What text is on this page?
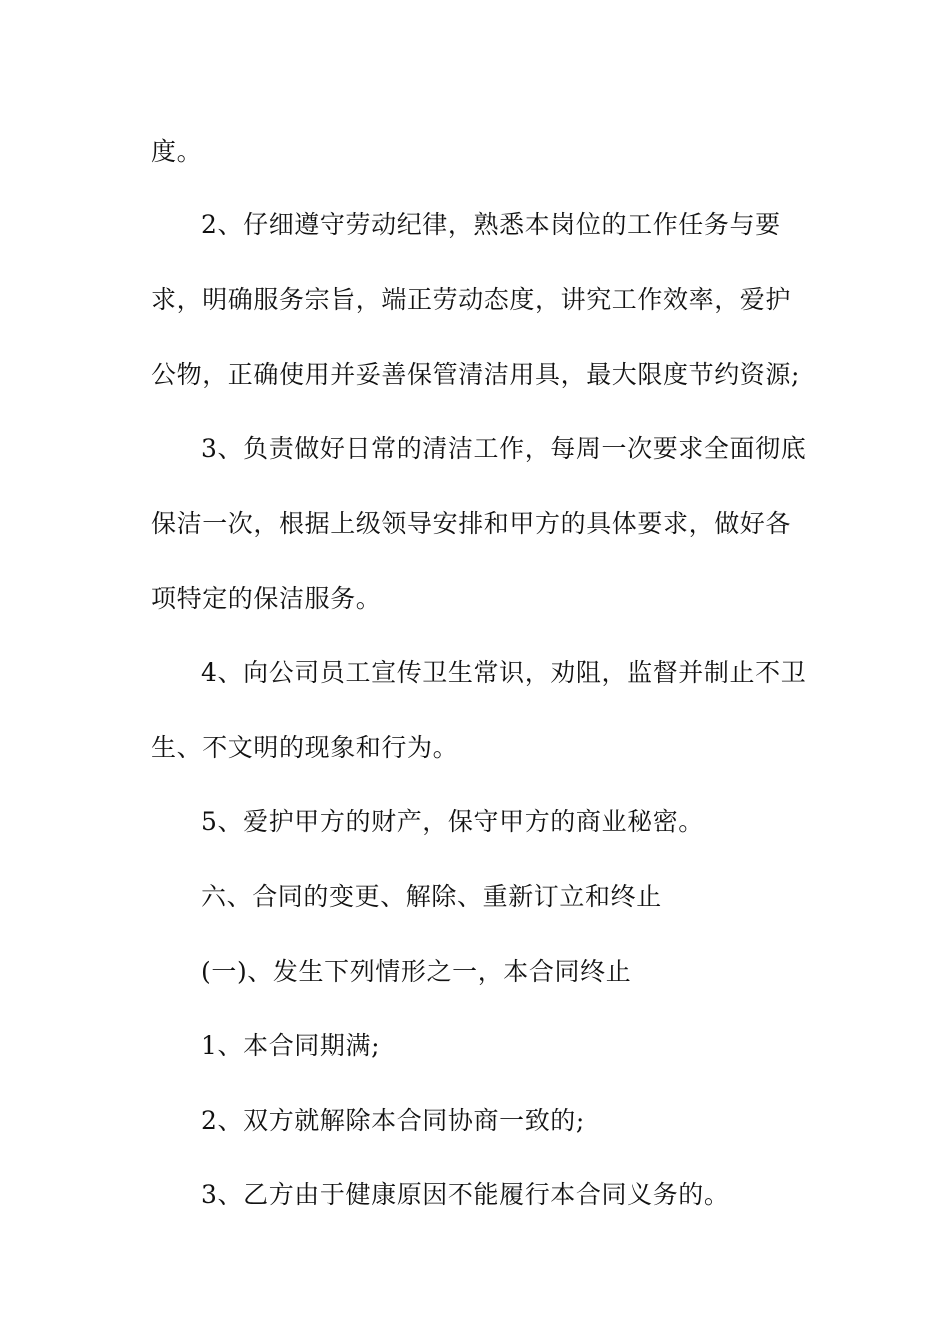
度。
2、仔细遵守劳动纪律，熟悉本岗位的工作任务与要
求，明确服务宗旨，端正劳动态度，讲究工作效率，爱护
公物，正确使用并妥善保管清洁用具，最大限度节约资源;
3、负责做好日常的清洁工作，每周一次要求全面彻底
保洁一次，根据上级领导安排和甲方的具体要求，做好各
项特定的保洁服务。
4、向公司员工宣传卫生常识，劝阻，监督并制止不卫
生、不文明的现象和行为。
5、爱护甲方的财产，保守甲方的商业秘密。
六、合同的变更、解除、重新订立和终止
(一)、发生下列情形之一，本合同终止
1、本合同期满;
2、双方就解除本合同协商一致的;
3、乙方由于健康原因不能履行本合同义务的。
